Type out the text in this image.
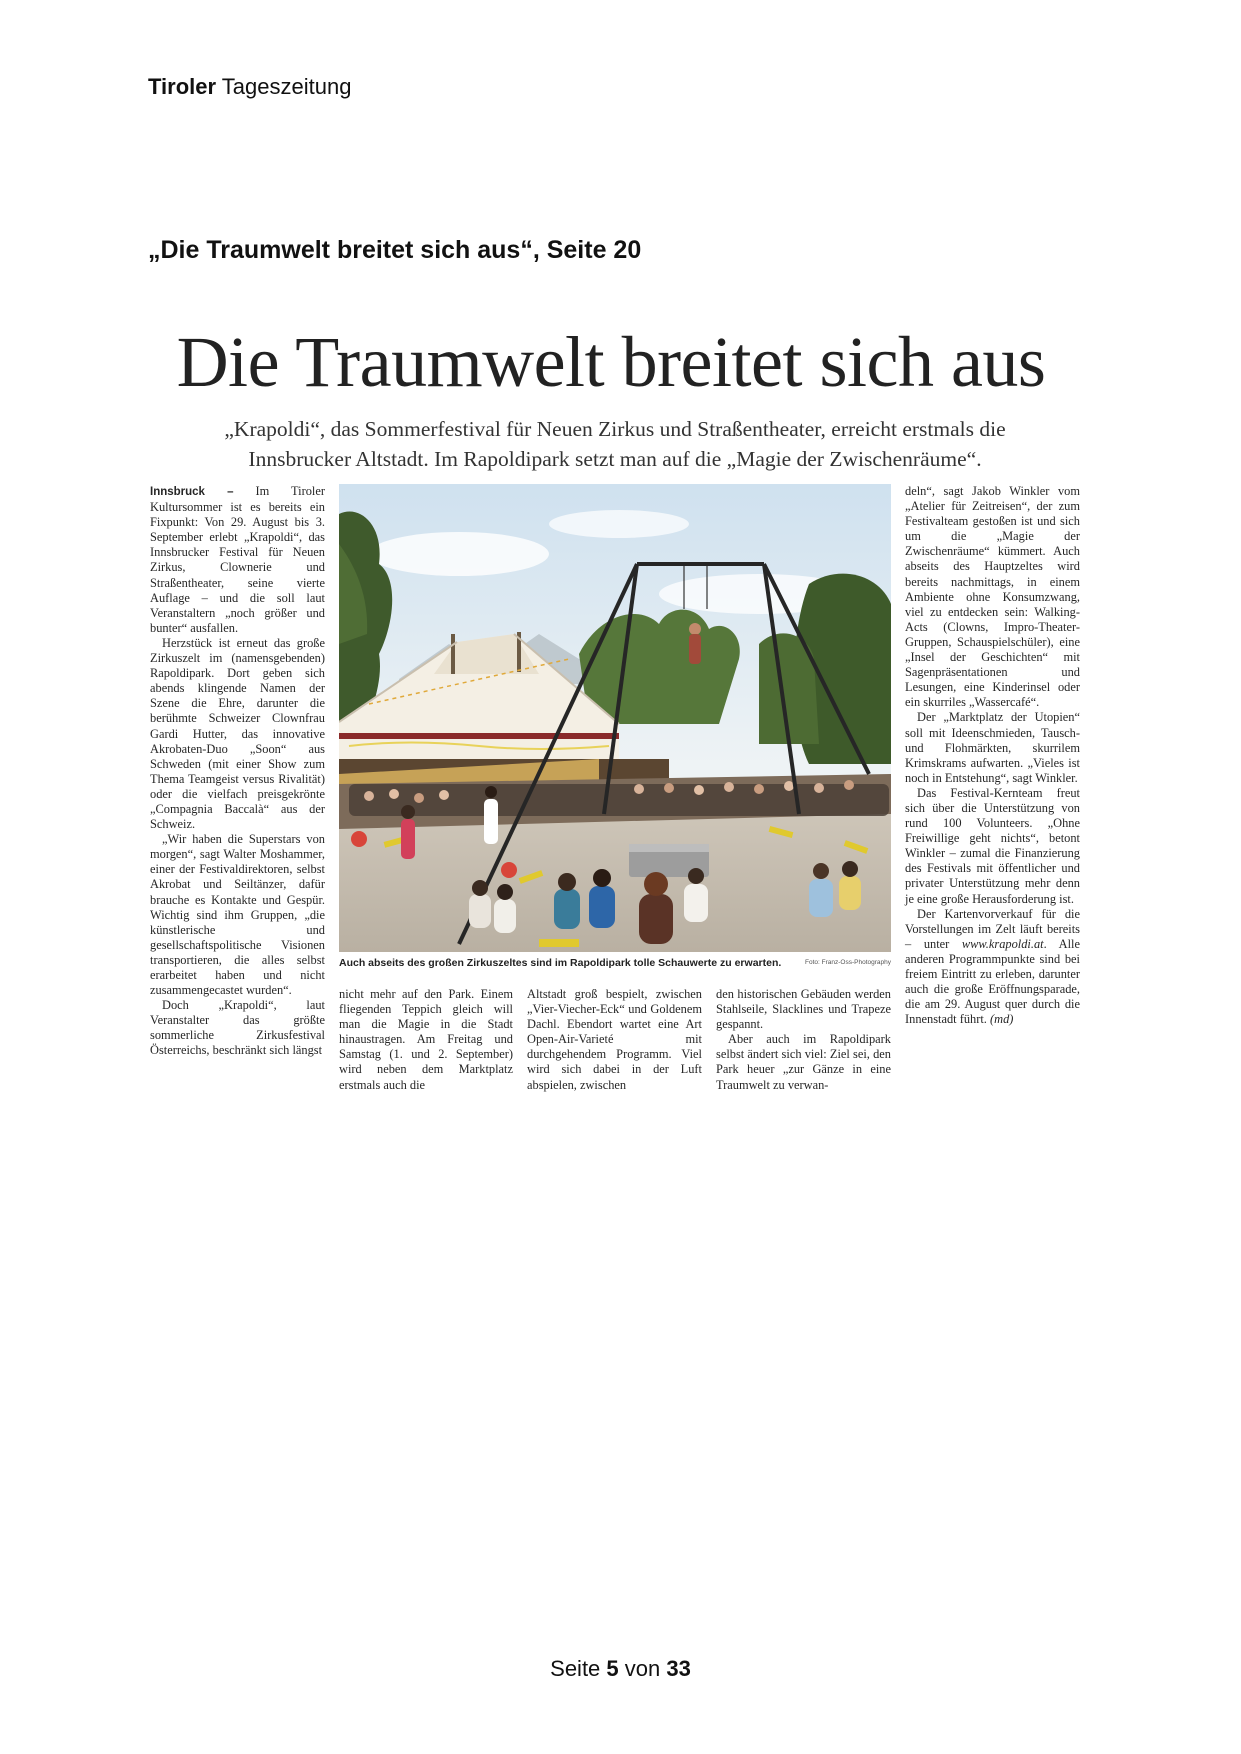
Tiroler Tageszeitung
„Die Traumwelt breitet sich aus“, Seite 20
Die Traumwelt breitet sich aus
„Krapoldi“, das Sommerfestival für Neuen Zirkus und Straßentheater, erreicht erstmals die Innsbrucker Altstadt. Im Rapoldipark setzt man auf die „Magie der Zwischenräume“.

Innsbruck – Im Tiroler Kultursommer ist es bereits ein Fixpunkt: Von 29. August bis 3. September erlebt „Krapoldi“, das Innsbrucker Festival für Neuen Zirkus, Clownerie und Straßentheater, seine vierte Auflage – und die soll laut Veranstaltern „noch größer und bunter“ ausfallen.

Herzstück ist erneut das große Zirkuszelt im (namensgebenden) Rapoldipark. Dort geben sich abends klingende Namen der Szene die Ehre, darunter die berühmte Schweizer Clownfrau Gardi Hutter, das innovative Akrobaten-Duo „Soon“ aus Schweden (mit einer Show zum Thema Teamgeist versus Rivalität) oder die vielfach preisgekrönte „Compagnia Baccalà“ aus der Schweiz.

„Wir haben die Superstars von morgen“, sagt Walter Moshammer, einer der Festivaldirektoren, selbst Akrobat und Seiltänzer, dafür brauche es Kontakte und Gespür. Wichtig sind ihm Gruppen, „die künstlerische und gesellschaftspolitische Visionen transportieren, die alles selbst erarbeitet haben und nicht zusammengecastet wurden“.

Doch „Krapoldi“, laut Veranstalter das größte sommerliche Zirkusfestival Österreichs, beschränkt sich längst

Auch abseits des großen Zirkuszeltes sind im Rapoldipark tolle Schauwerte zu erwarten.	Foto: Franz-Oss-Photography

nicht mehr auf den Park. Einem fliegenden Teppich gleich will man die Magie in die Stadt hinaustragen. Am Freitag und Samstag (1. und 2. September) wird neben dem Marktplatz erstmals auch die

Altstadt groß bespielt, zwischen „Vier-Viecher-Eck“ und Goldenem Dachl. Ebendort wartet eine Art Open-Air-Varieté mit durchgehendem Programm. Viel wird sich dabei in der Luft abspielen, zwischen

den historischen Gebäuden werden Stahlseile, Slacklines und Trapeze gespannt.

Aber auch im Rapoldipark selbst ändert sich viel: Ziel sei, den Park heuer „zur Gänze in eine Traumwelt zu verwan-

deln“, sagt Jakob Winkler vom „Atelier für Zeitreisen“, der zum Festivalteam gestoßen ist und sich um die „Magie der Zwischenräume“ kümmert. Auch abseits des Hauptzeltes wird bereits nachmittags, in einem Ambiente ohne Konsumzwang, viel zu entdecken sein: Walking-Acts (Clowns, Impro-Theater-Gruppen, Schauspielschüler), eine „Insel der Geschichten“ mit Sagenpräsentationen und Lesungen, eine Kinderinsel oder ein skurriles „Wassercafé“.

Der „Marktplatz der Utopien“ soll mit Ideenschmieden, Tausch- und Flohmärkten, skurrilem Krimskrams aufwarten. „Vieles ist noch in Entstehung“, sagt Winkler.

Das Festival-Kernteam freut sich über die Unterstützung von rund 100 Volunteers. „Ohne Freiwillige geht nichts“, betont Winkler – zumal die Finanzierung des Festivals mit öffentlicher und privater Unterstützung mehr denn je eine große Herausforderung ist.

Der Kartenvorverkauf für die Vorstellungen im Zelt läuft bereits – unter www.krapoldi.at. Alle anderen Programmpunkte sind bei freiem Eintritt zu erleben, darunter auch die große Eröffnungsparade, die am 29. August quer durch die Innenstadt führt. (md)

Seite 5 von 33
